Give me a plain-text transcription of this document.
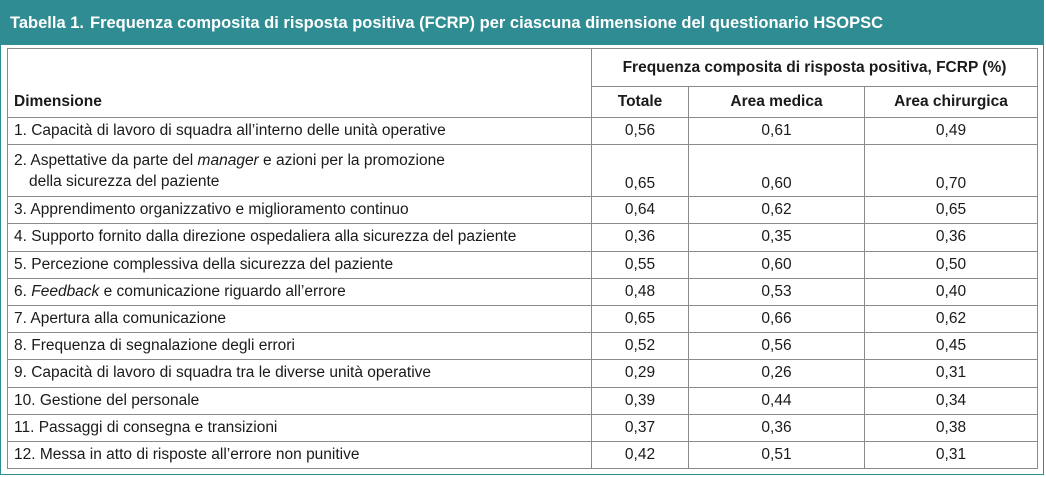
Tabella 1. Frequenza composita di risposta positiva (FCRP) per ciascuna dimensione del questionario HSOPSC
	Frequenza composita di risposta positiva, FCRP (%)		
Dimensione	Totale	Area medica	Area chirurgica
1. Capacità di lavoro di squadra all’interno delle unità operative	0,56	0,61	0,49

2. Aspettative da parte del manager e azioni per la promozione
della sicurezza del paziente	0,65	0,60	0,70
3. Apprendimento organizzativo e miglioramento continuo	0,64	0,62	0,65
4. Supporto fornito dalla direzione ospedaliera alla sicurezza del paziente	0,36	0,35	0,36
5. Percezione complessiva della sicurezza del paziente	0,55	0,60	0,50
6. Feedback e comunicazione riguardo all’errore	0,48	0,53	0,40
7. Apertura alla comunicazione	0,65	0,66	0,62
8. Frequenza di segnalazione degli errori	0,52	0,56	0,45
9. Capacità di lavoro di squadra tra le diverse unità operative	0,29	0,26	0,31
10. Gestione del personale	0,39	0,44	0,34
11. Passaggi di consegna e transizioni	0,37	0,36	0,38
12. Messa in atto di risposte all’errore non punitive	0,42	0,51	0,31
